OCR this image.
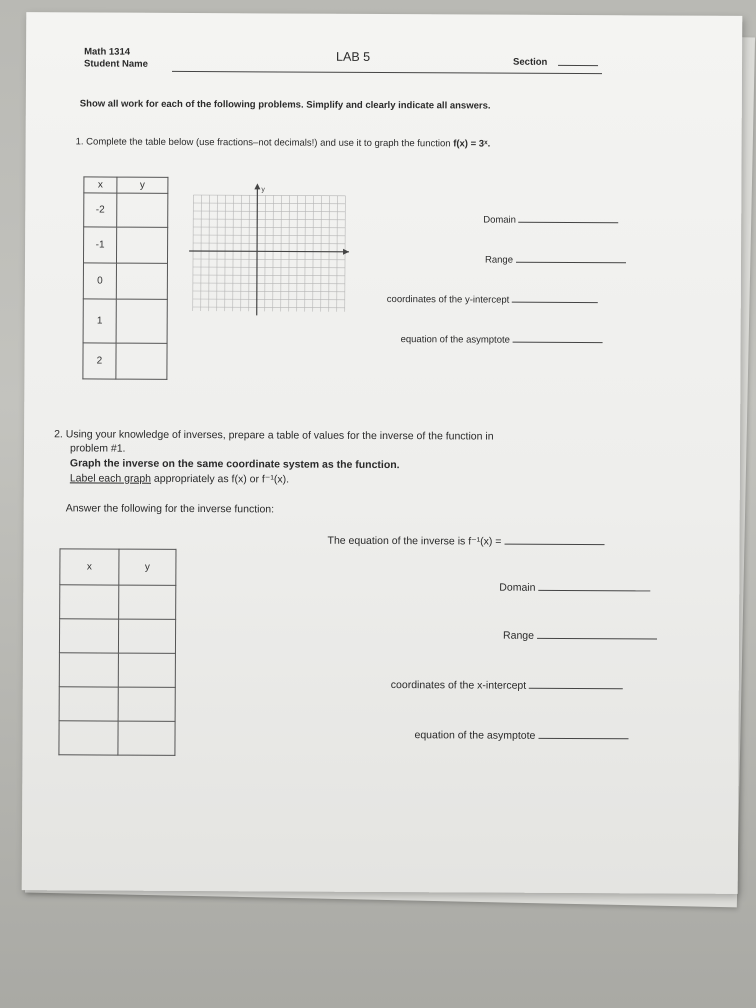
Math 1314
Student Name
LAB 5	Section
Show all work for each of the following problems. Simplify and clearly indicate all answers.
1. Complete the table below (use fractions–not decimals!) and use it to graph the function f(x) = 3ˣ.
x	y
-2	
-1	
0	
1	
2	
y
Domain
Range
coordinates of the y-intercept
equation of the asymptote
2. Using your knowledge of inverses, prepare a table of values for the inverse of the function in
problem #1.
Graph the inverse on the same coordinate system as the function.
Label each graph appropriately as f(x) or f⁻¹(x).
Answer the following for the inverse function:
The equation of the inverse is f⁻¹(x) =
x	y

Domain
Range
coordinates of the x-intercept
equation of the asymptote
